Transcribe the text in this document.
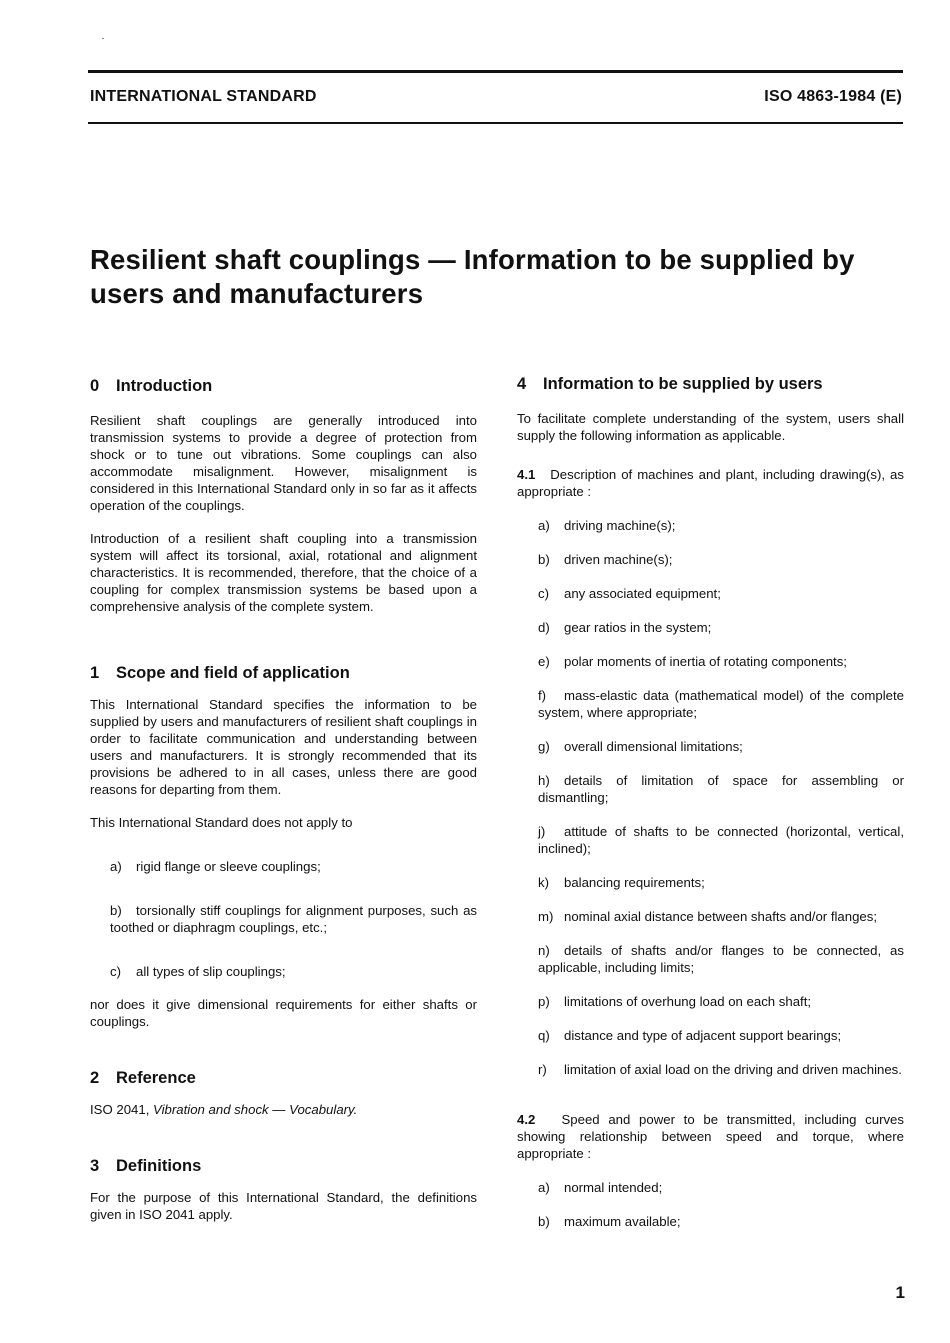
INTERNATIONAL STANDARD	ISO 4863-1984 (E)
Resilient shaft couplings — Information to be supplied by users and manufacturers
0 Introduction

Resilient shaft couplings are generally introduced into transmission systems to provide a degree of protection from shock or to tune out vibrations. Some couplings can also accommodate misalignment. However, misalignment is considered in this International Standard only in so far as it affects operation of the couplings.

Introduction of a resilient shaft coupling into a transmission system will affect its torsional, axial, rotational and alignment characteristics. It is recommended, therefore, that the choice of a coupling for complex transmission systems be based upon a comprehensive analysis of the complete system.

1 Scope and field of application

This International Standard specifies the information to be supplied by users and manufacturers of resilient shaft couplings in order to facilitate communication and understanding between users and manufacturers. It is strongly recommended that its provisions be adhered to in all cases, unless there are good reasons for departing from them.

This International Standard does not apply to

a)	rigid flange or sleeve couplings;
b) torsionally stiff couplings for alignment purposes, such as toothed or diaphragm couplings, etc.;
c)	all types of slip couplings;

nor does it give dimensional requirements for either shafts or couplings.

2 Reference

ISO 2041, Vibration and shock — Vocabulary.

3 Definitions

For the purpose of this International Standard, the definitions given in ISO 2041 apply.

4 Information to be supplied by users

To facilitate complete understanding of the system, users shall supply the following information as applicable.

4.1 Description of machines and plant, including drawing(s), as appropriate :

a) driving machine(s);
b) driven machine(s);
c) any associated equipment;
d) gear ratios in the system;
e) polar moments of inertia of rotating components;
f) mass-elastic data (mathematical model) of the complete system, where appropriate;
g) overall dimensional limitations;
h) details of limitation of space for assembling or dismantling;
j) attitude of shafts to be connected (horizontal, vertical, inclined);
k) balancing requirements;
m) nominal axial distance between shafts and/or flanges;
n) details of shafts and/or flanges to be connected, as applicable, including limits;
p) limitations of overhung load on each shaft;
q) distance and type of adjacent support bearings;
r) limitation of axial load on the driving and driven machines.

4.2 Speed and power to be transmitted, including curves showing relationship between speed and torque, where appropriate :

a) normal intended;
b) maximum available;
1
